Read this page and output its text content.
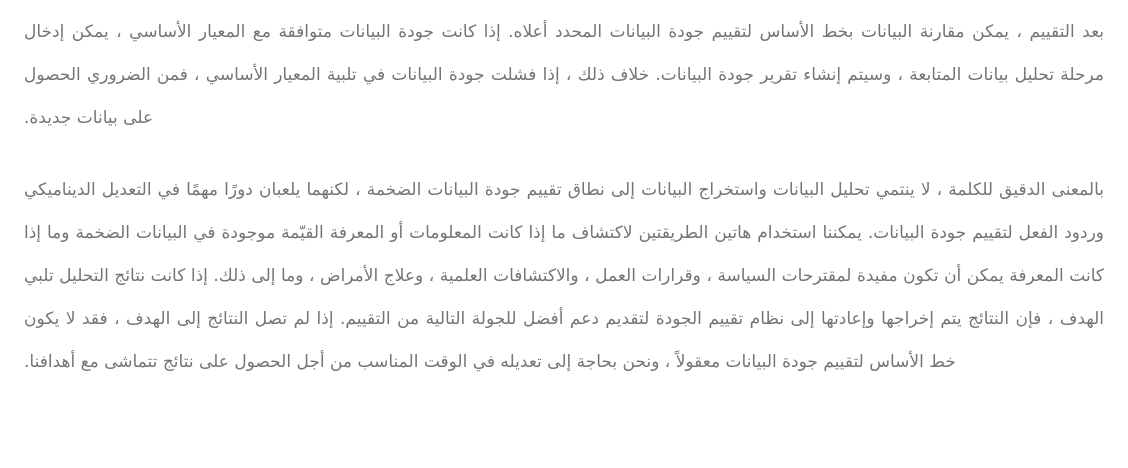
بعد التقييم ، يمكن مقارنة البيانات بخط الأساس لتقييم جودة البيانات المحدد أعلاه. إذا كانت جودة البيانات متوافقة مع المعيار الأساسي ، يمكن إدخال مرحلة تحليل بيانات المتابعة ، وسيتم إنشاء تقرير جودة البيانات. خلاف ذلك ، إذا فشلت جودة البيانات في تلبية المعيار الأساسي ، فمن الضروري الحصول على بيانات جديدة.

بالمعنى الدقيق للكلمة ، لا ينتمي تحليل البيانات واستخراج البيانات إلى نطاق تقييم جودة البيانات الضخمة ، لكنهما يلعبان دورًا مهمًا في التعديل الديناميكي وردود الفعل لتقييم جودة البيانات. يمكننا استخدام هاتين الطريقتين لاكتشاف ما إذا كانت المعلومات أو المعرفة القيّمة موجودة في البيانات الضخمة وما إذا كانت المعرفة يمكن أن تكون مفيدة لمقترحات السياسة ، وقرارات العمل ، والاكتشافات العلمية ، وعلاج الأمراض ، وما إلى ذلك. إذا كانت نتائج التحليل تلبي الهدف ، فإن النتائج يتم إخراجها وإعادتها إلى نظام تقييم الجودة لتقديم دعم أفضل للجولة التالية من التقييم. إذا لم تصل النتائج إلى الهدف ، فقد لا يكون خط الأساس لتقييم جودة البيانات معقولاً ، ونحن بحاجة إلى تعديله في الوقت المناسب من أجل الحصول على نتائج تتماشى مع أهدافنا.
